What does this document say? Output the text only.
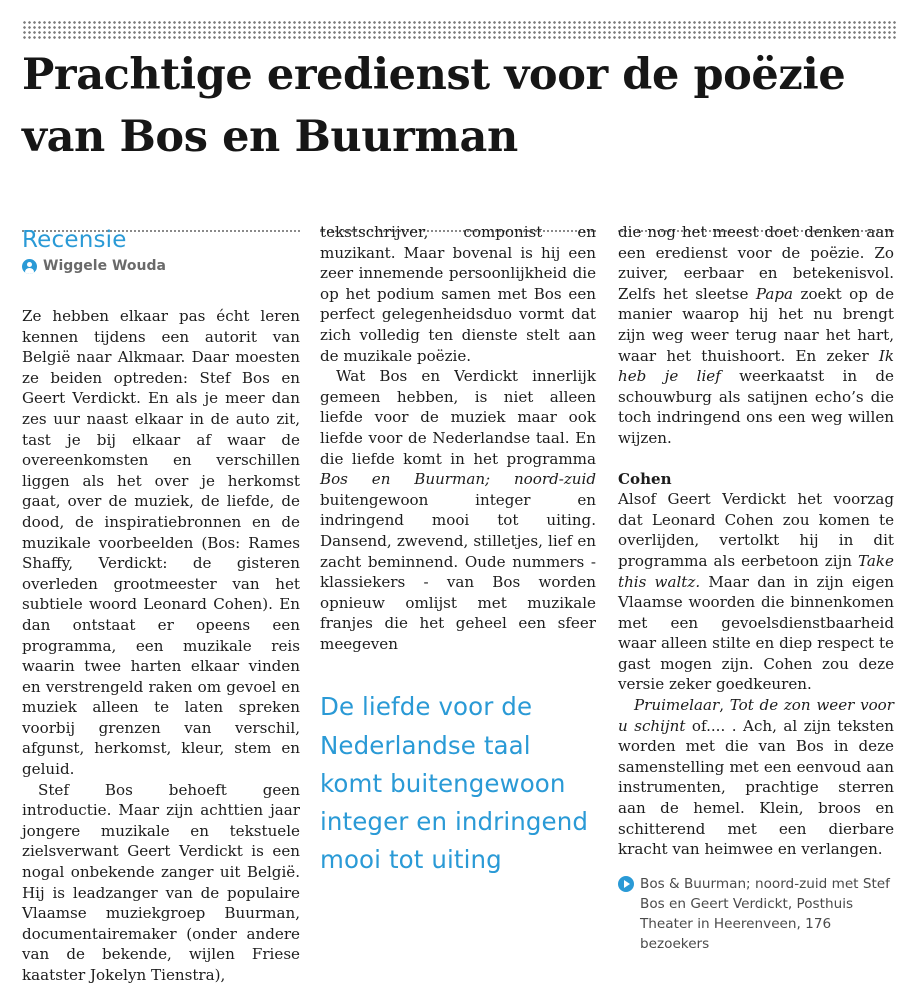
Prachtige eredienst voor de poëzie van Bos en Buurman
Recensie
Wiggele Wouda

Ze hebben elkaar pas écht leren kennen tijdens een autorit van België naar Alkmaar. Daar moesten ze beiden optreden: Stef Bos en Geert Verdickt. En als je meer dan zes uur naast elkaar in de auto zit, tast je bij elkaar af waar de overeenkomsten en verschillen liggen als het over je herkomst gaat, over de muziek, de liefde, de dood, de inspiratiebronnen en de muzikale voorbeelden (Bos: Rames Shaffy, Verdickt: de gisteren overleden grootmeester van het subtiele woord Leonard Cohen). En dan ontstaat er opeens een programma, een muzikale reis waarin twee harten elkaar vinden en verstrengeld raken om gevoel en muziek alleen te laten spreken voorbij grenzen van verschil, afgunst, herkomst, kleur, stem en geluid.

Stef Bos behoeft geen introductie. Maar zijn achttien jaar jongere muzikale en tekstuele zielsverwant Geert Verdickt is een nogal onbekende zanger uit België. Hij is leadzanger van de populaire Vlaamse muziekgroep Buurman, documentairemaker (onder andere van de bekende, wijlen Friese kaatster Jokelyn Tienstra),

tekstschrijver, componist en muzikant. Maar bovenal is hij een zeer innemende persoonlijkheid die op het podium samen met Bos een perfect gelegenheidsduo vormt dat zich volledig ten dienste stelt aan de muzikale poëzie.

Wat Bos en Verdickt innerlijk gemeen hebben, is niet alleen liefde voor de muziek maar ook liefde voor de Nederlandse taal. En die liefde komt in het programma Bos en Buurman; noord-zuid buitengewoon integer en indringend mooi tot uiting. Dansend, zwevend, stilletjes, lief en zacht beminnend. Oude nummers - klassiekers - van Bos worden opnieuw omlijst met muzikale franjes die het geheel een sfeer meegeven

De liefde voor de Nederlandse taal komt buitengewoon integer en indringend mooi tot uiting

die nog het meest doet denken aan een eredienst voor de poëzie. Zo zuiver, eerbaar en betekenisvol. Zelfs het sleetse Papa zoekt op de manier waarop hij het nu brengt zijn weg weer terug naar het hart, waar het thuishoort. En zeker Ik heb je lief weerkaatst in de schouwburg als satijnen echo’s die toch indringend ons een weg willen wijzen.

Cohen

Alsof Geert Verdickt het voorzag dat Leonard Cohen zou komen te overlijden, vertolkt hij in dit programma als eerbetoon zijn Take this waltz. Maar dan in zijn eigen Vlaamse woorden die binnenkomen met een gevoelsdienstbaarheid waar alleen stilte en diep respect te gast mogen zijn. Cohen zou deze versie zeker goedkeuren.

Pruimelaar, Tot de zon weer voor u schijnt of.... . Ach, al zijn teksten worden met die van Bos in deze samenstelling met een eenvoud aan instrumenten, prachtige sterren aan de hemel. Klein, broos en schitterend met een dierbare kracht van heimwee en verlangen.

Bos & Buurman; noord-zuid met Stef Bos en Geert Verdickt, Posthuis Theater in Heerenveen, 176 bezoekers
